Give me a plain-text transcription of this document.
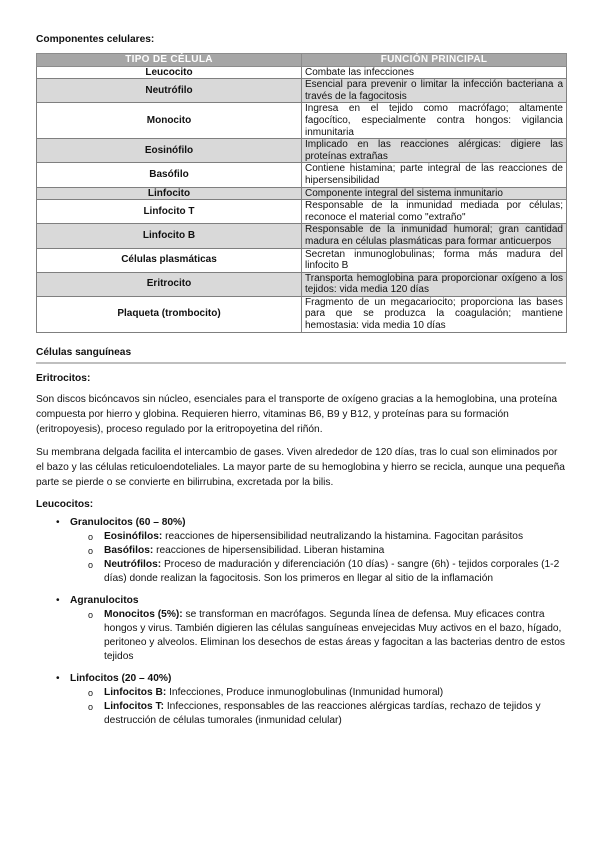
Componentes celulares:
TIPO DE CÉLULA	FUNCIÓN PRINCIPAL
Leucocito	Combate las infecciones
Neutrófilo	Esencial para prevenir o limitar la infección bacteriana a través de la fagocitosis
Monocito	Ingresa en el tejido como macrófago; altamente fagocítico, especialmente contra hongos: vigilancia inmunitaria
Eosinófilo	Implicado en las reacciones alérgicas: digiere las proteínas extrañas
Basófilo	Contiene histamina; parte integral de las reacciones de hipersensibilidad
Linfocito	Componente integral del sistema inmunitario
Linfocito T	Responsable de la inmunidad mediada por células; reconoce el material como "extraño"
Linfocito B	Responsable de la inmunidad humoral; gran cantidad madura en células plasmáticas para formar anticuerpos
Células plasmáticas	Secretan inmunoglobulinas; forma más madura del linfocito B
Eritrocito	Transporta hemoglobina para proporcionar oxígeno a los tejidos: vida media 120 días
Plaqueta (trombocito)	Fragmento de un megacariocito; proporciona las bases para que se produzca la coagulación; mantiene hemostasia: vida media 10 días
Células sanguíneas
Eritrocitos:

Son discos bicóncavos sin núcleo, esenciales para el transporte de oxígeno gracias a la hemoglobina, una proteína compuesta por hierro y globina. Requieren hierro, vitaminas B6, B9 y B12, y proteínas para su formación (eritropoyesis), proceso regulado por la eritropoyetina del riñón.

Su membrana delgada facilita el intercambio de gases. Viven alrededor de 120 días, tras lo cual son eliminados por el bazo y las células reticuloendoteliales. La mayor parte de su hemoglobina y hierro se recicla, aunque una pequeña parte se pierde o se convierte en bilirrubina, excretada por la bilis.

Leucocitos:
• Granulocitos (60 – 80%)
o Eosinófilos: reacciones de hipersensibilidad neutralizando la histamina. Fagocitan parásitos
o Basófilos: reacciones de hipersensibilidad. Liberan histamina
o Neutrófilos: Proceso de maduración y diferenciación (10 días) - sangre (6h) - tejidos corporales (1-2 días) donde realizan la fagocitosis. Son los primeros en llegar al sitio de la inflamación
• Agranulocitos
o Monocitos (5%): se transforman en macrófagos. Segunda línea de defensa. Muy eficaces contra hongos y virus. También digieren las células sanguíneas envejecidas Muy activos en el bazo, hígado, peritoneo y alveolos. Eliminan los desechos de estas áreas y fagocitan a las bacterias dentro de estos tejidos
• Linfocitos (20 – 40%)
o Linfocitos B: Infecciones, Produce inmunoglobulinas (Inmunidad humoral)
o Linfocitos T: Infecciones, responsables de las reacciones alérgicas tardías, rechazo de tejidos y destrucción de células tumorales (inmunidad celular)
